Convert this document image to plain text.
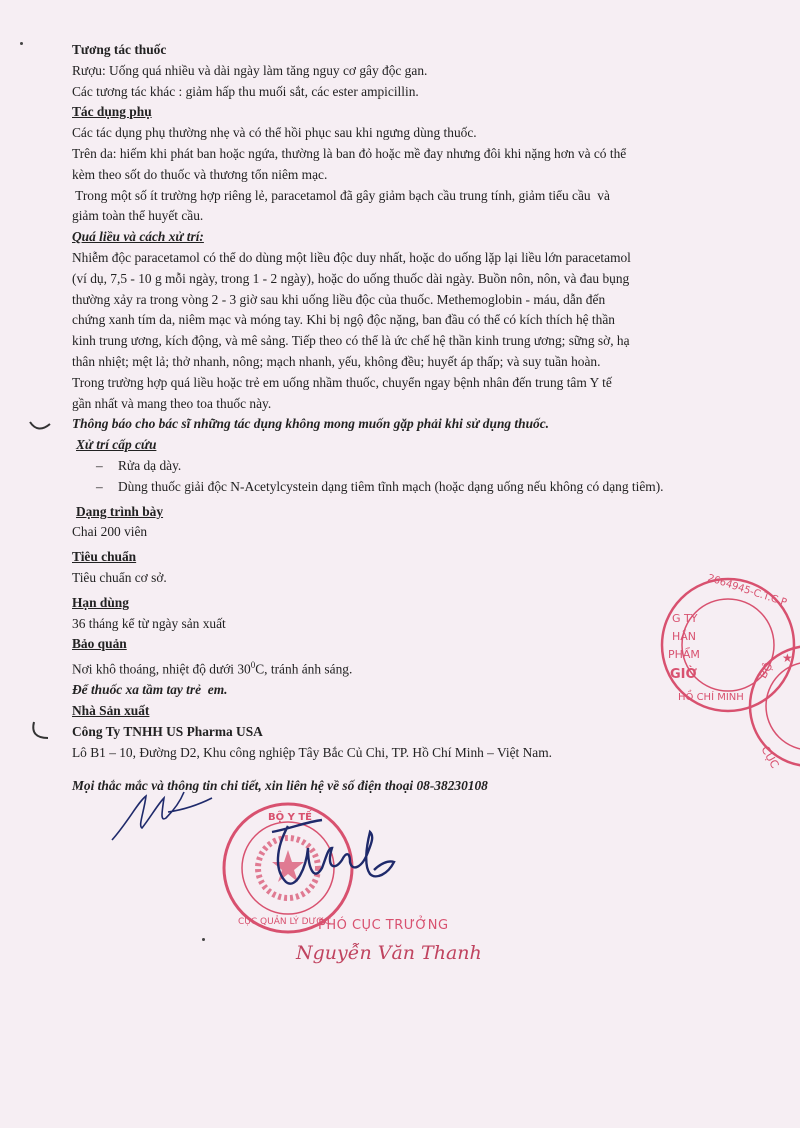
Tương tác thuốc
Rượu: Uống quá nhiều và dài ngày làm tăng nguy cơ gây độc gan.
Các tương tác khác : giảm hấp thu muối sắt, các ester ampicillin.
Tác dụng phụ
Các tác dụng phụ thường nhẹ và có thể hồi phục sau khi ngưng dùng thuốc.
Trên da: hiếm khi phát ban hoặc ngứa, thường là ban đỏ hoặc mề đay nhưng đôi khi nặng hơn và có thể
kèm theo sốt do thuốc và thương tổn niêm mạc.
Trong một số ít trường hợp riêng lẻ, paracetamol đã gây giảm bạch cầu trung tính, giảm tiểu cầu  và
giảm toàn thể huyết cầu.
Quá liều và cách xử trí:
Nhiễm độc paracetamol có thể do dùng một liều độc duy nhất, hoặc do uống lặp lại liều lớn paracetamol
(ví dụ, 7,5 - 10 g mỗi ngày, trong 1 - 2 ngày), hoặc do uống thuốc dài ngày. Buồn nôn, nôn, và đau bụng
thường xảy ra trong vòng 2 - 3 giờ sau khi uống liều độc của thuốc. Methemoglobin - máu, dẫn đến
chứng xanh tím da, niêm mạc và móng tay. Khi bị ngộ độc nặng, ban đầu có thể có kích thích hệ thần
kinh trung ương, kích động, và mê sảng. Tiếp theo có thể là ức chế hệ thần kinh trung ương; sững sờ, hạ
thân nhiệt; mệt lả; thở nhanh, nông; mạch nhanh, yếu, không đều; huyết áp thấp; và suy tuần hoàn.
Trong trường hợp quá liều hoặc trẻ em uống nhầm thuốc, chuyển ngay bệnh nhân đến trung tâm Y tế
gần nhất và mang theo toa thuốc này.
Thông báo cho bác sĩ những tác dụng không mong muốn gặp phải khi sử dụng thuốc.
Xử trí cấp cứu
– Rửa dạ dày.
– Dùng thuốc giải độc N-Acetylcystein dạng tiêm tĩnh mạch (hoặc dạng uống nếu không có dạng tiêm).
Dạng trình bày
Chai 200 viên
Tiêu chuẩn
Tiêu chuẩn cơ sở.
Hạn dùng
36 tháng kể từ ngày sản xuất
Bảo quản
Nơi khô thoáng, nhiệt độ dưới $30^0C$, tránh ánh sáng.
Để thuốc xa tầm tay trẻ  em.
Nhà Sản xuất
Công Ty TNHH US Pharma USA
Lô B1 – 10, Đường D2, Khu công nghiệp Tây Bắc Củ Chi, TP. Hồ Chí Minh – Việt Nam.
Mọi thắc mắc và thông tin chi tiết, xin liên hệ về số điện thoại 08-38230108
2664945-C.T.C.P
G TY
HẦN
PHẨM
GIỜ
HỒ CHÍ MINH
★
BỘ
CỤC
BỘ Y TẾ
CỤC QUẢN LÝ DƯỢC
PHÓ CỤC TRƯỞNG
Nguyễn Văn Thanh
